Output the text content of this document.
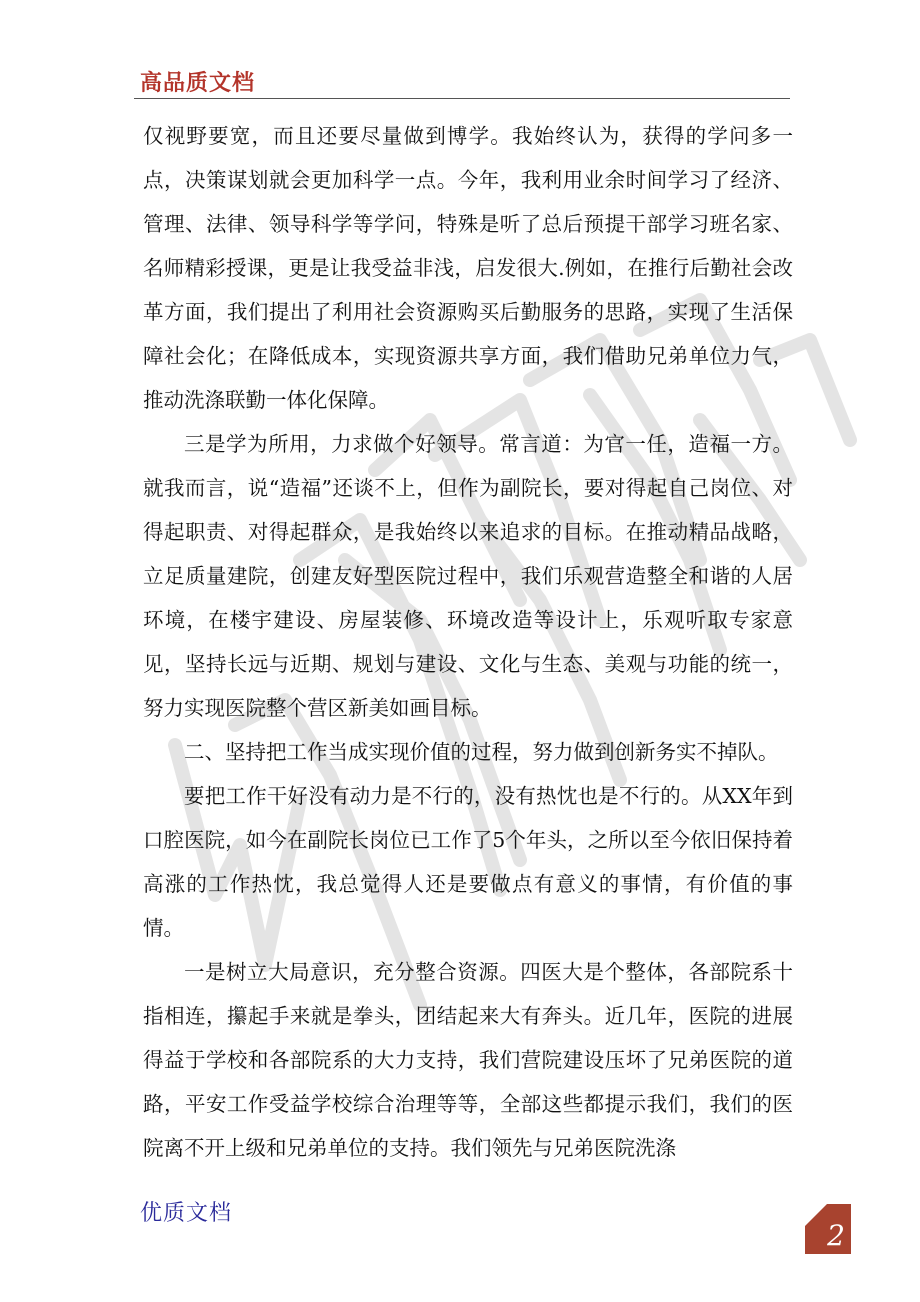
高品质文档

仅视野要宽，而且还要尽量做到博学。我始终认为，获得的学问多一点，决策谋划就会更加科学一点。今年，我利用业余时间学习了经济、管理、法律、领导科学等学问，特殊是听了总后预提干部学习班名家、名师精彩授课，更是让我受益非浅，启发很大.例如，在推行后勤社会改革方面，我们提出了利用社会资源购买后勤服务的思路，实现了生活保障社会化；在降低成本，实现资源共享方面，我们借助兄弟单位力气，推动洗涤联勤一体化保障。

三是学为所用，力求做个好领导。常言道：为官一任，造福一方。就我而言，说“造福”还谈不上，但作为副院长，要对得起自己岗位、对得起职责、对得起群众，是我始终以来追求的目标。在推动精品战略，立足质量建院，创建友好型医院过程中，我们乐观营造整全和谐的人居环境，在楼宇建设、房屋装修、环境改造等设计上，乐观听取专家意见，坚持长远与近期、规划与建设、文化与生态、美观与功能的统一，努力实现医院整个营区新美如画目标。

二、坚持把工作当成实现价值的过程，努力做到创新务实不掉队。

要把工作干好没有动力是不行的，没有热忱也是不行的。从XX年到口腔医院，如今在副院长岗位已工作了5个年头，之所以至今依旧保持着高涨的工作热忱，我总觉得人还是要做点有意义的事情，有价值的事情。

一是树立大局意识，充分整合资源。四医大是个整体，各部院系十指相连，攥起手来就是拳头，团结起来大有奔头。近几年，医院的进展得益于学校和各部院系的大力支持，我们营院建设压坏了兄弟医院的道路，平安工作受益学校综合治理等等，全部这些都提示我们，我们的医院离不开上级和兄弟单位的支持。我们领先与兄弟医院洗涤

优质文档
2
